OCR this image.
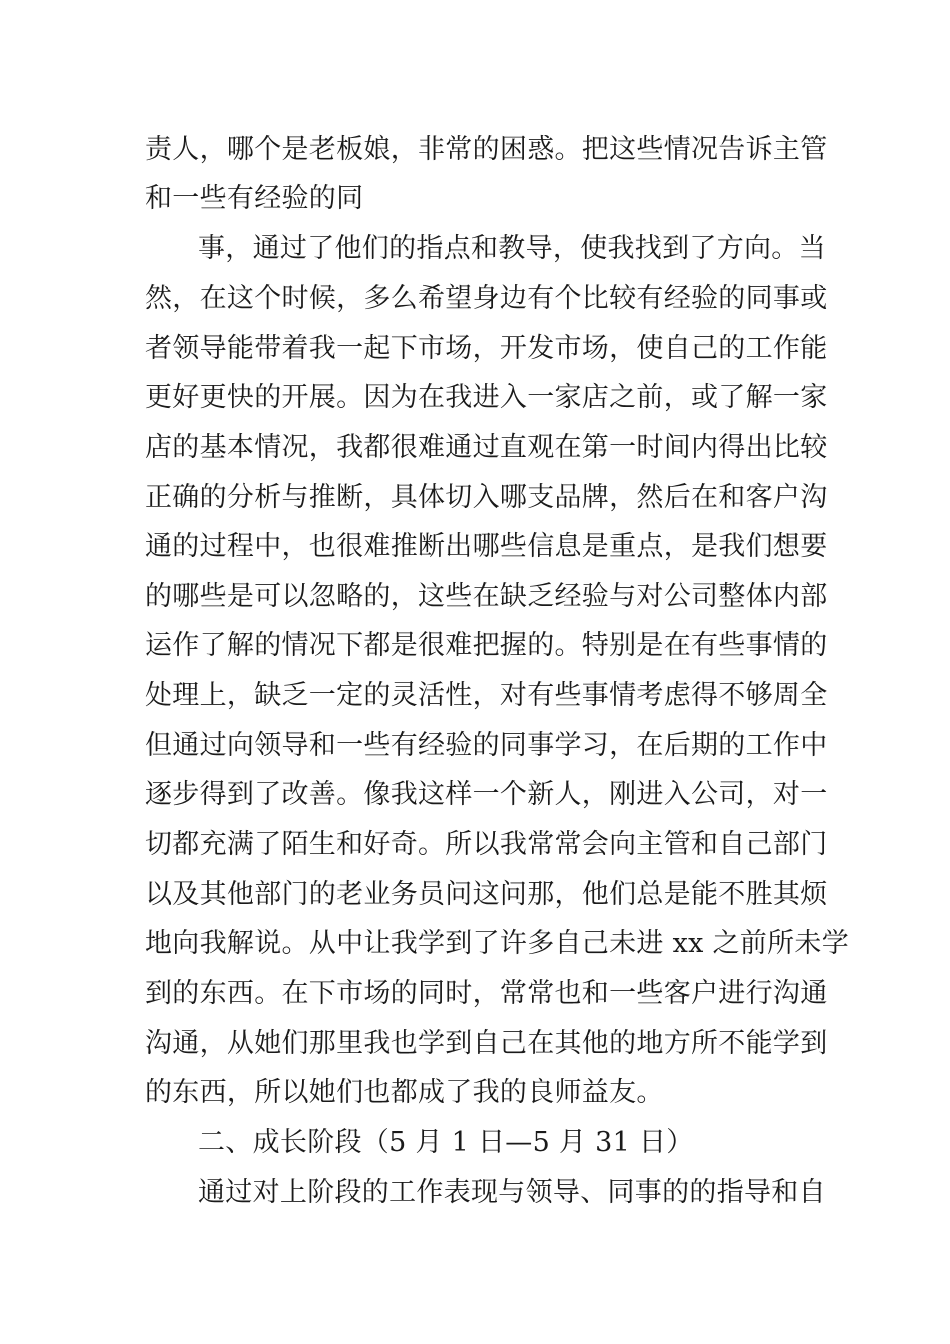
责人，哪个是老板娘，非常的困惑。把这些情况告诉主管
和一些有经验的同
事，通过了他们的指点和教导，使我找到了方向。当
然，在这个时候，多么希望身边有个比较有经验的同事或
者领导能带着我一起下市场，开发市场，使自己的工作能
更好更快的开展。因为在我进入一家店之前，或了解一家
店的基本情况，我都很难通过直观在第一时间内得出比较
正确的分析与推断，具体切入哪支品牌，然后在和客户沟
通的过程中，也很难推断出哪些信息是重点，是我们想要
的哪些是可以忽略的，这些在缺乏经验与对公司整体内部
运作了解的情况下都是很难把握的。特别是在有些事情的
处理上，缺乏一定的灵活性，对有些事情考虑得不够周全
但通过向领导和一些有经验的同事学习，在后期的工作中
逐步得到了改善。像我这样一个新人，刚进入公司，对一
切都充满了陌生和好奇。所以我常常会向主管和自己部门
以及其他部门的老业务员问这问那，他们总是能不胜其烦
地向我解说。从中让我学到了许多自己未进 xx 之前所未学
到的东西。在下市场的同时，常常也和一些客户进行沟通
沟通，从她们那里我也学到自己在其他的地方所不能学到
的东西，所以她们也都成了我的良师益友。
二、成长阶段（5 月 1 日—5 月 31 日）
通过对上阶段的工作表现与领导、同事的的指导和自
